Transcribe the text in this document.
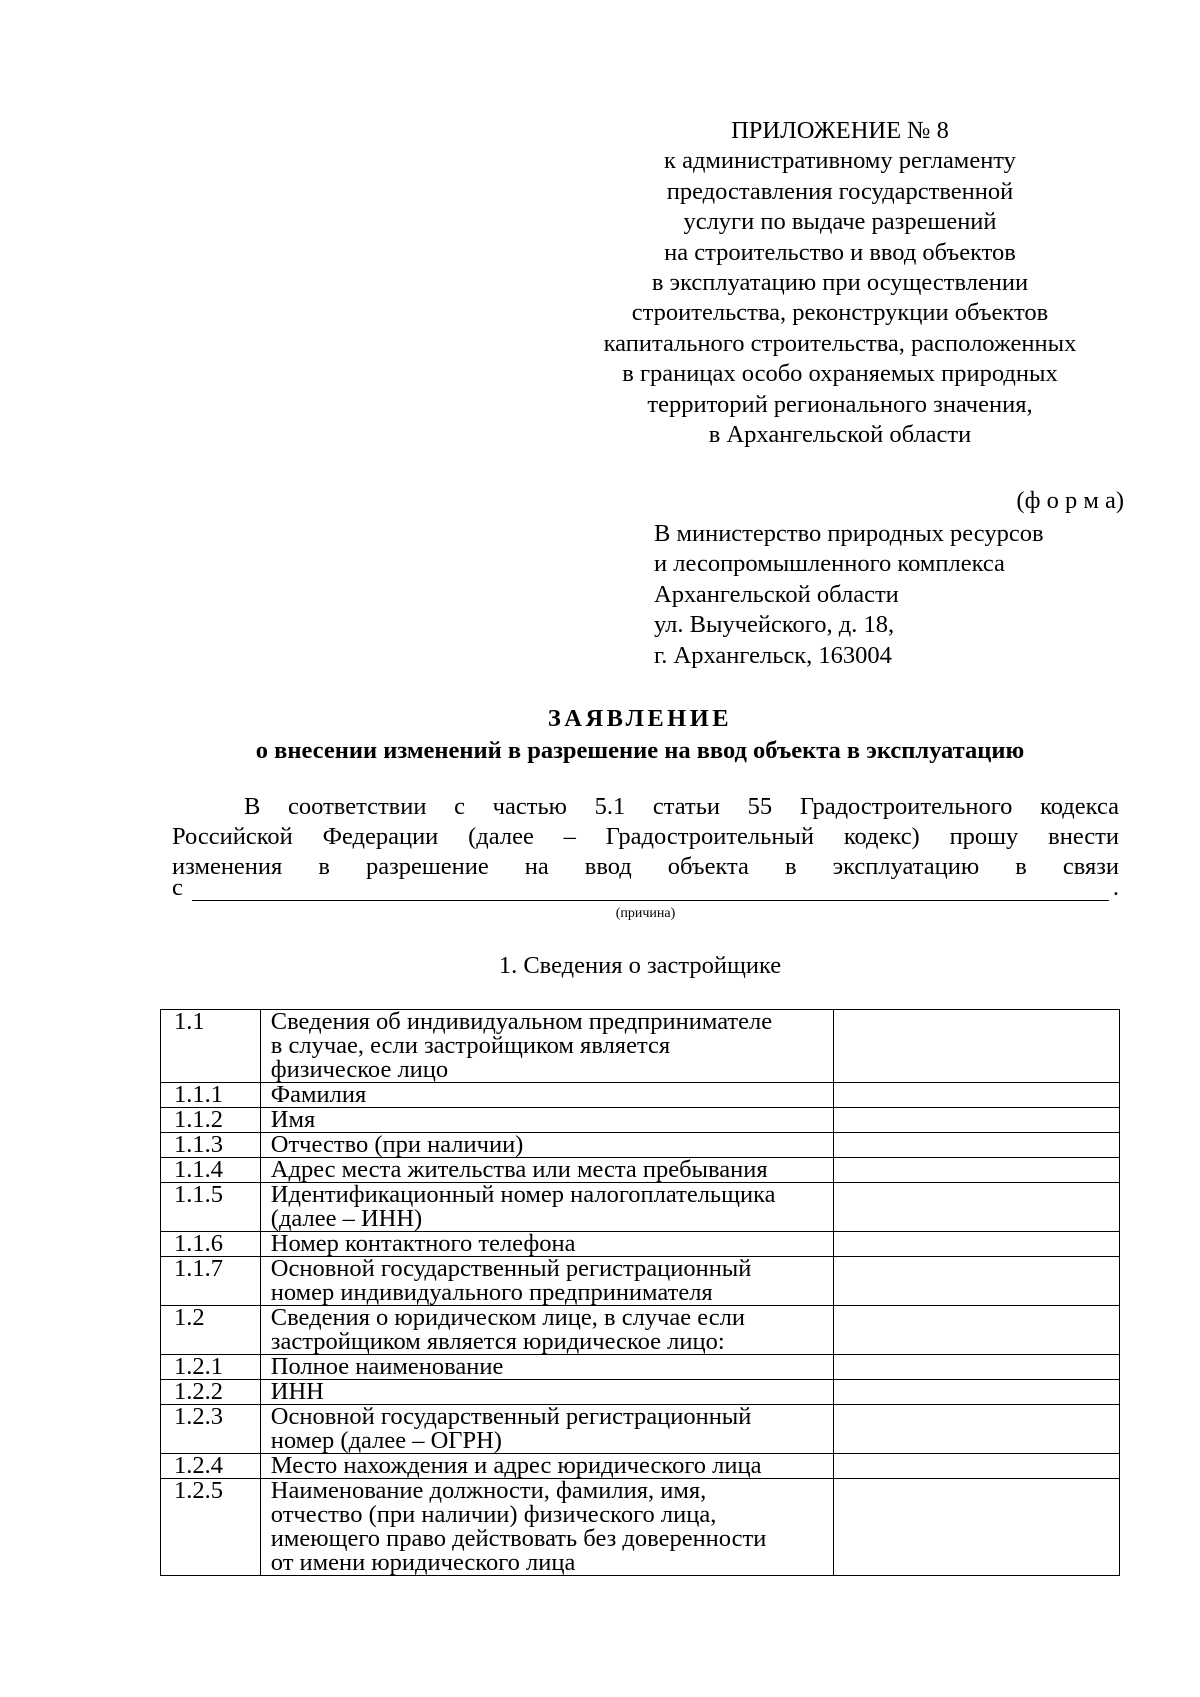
ПРИЛОЖЕНИЕ № 8
к административному регламенту
предоставления государственной
услуги по выдаче разрешений
на строительство и ввод объектов
в эксплуатацию при осуществлении
строительства, реконструкции объектов
капитального строительства, расположенных
в границах особо охраняемых природных
территорий регионального значения,
в Архангельской области
(ф о р м а)
В министерство природных ресурсов
и лесопромышленного комплекса
Архангельской области
ул. Выучейского, д. 18,
г. Архангельск, 163004
ЗАЯВЛЕНИЕ
о внесении изменений в разрешение на ввод объекта в эксплуатацию
В соответствии с частью 5.1 статьи 55 Градостроительного кодекса
Российской Федерации (далее – Градостроительный кодекс) прошу внести
изменения в разрешение на ввод объекта в эксплуатацию в связи
с	.
(причина)
1. Сведения о застройщике
1.1	Сведения об индивидуальном предпринимателе
в случае, если застройщиком является
физическое лицо	

1.1.1	Фамилия	

1.1.2	Имя	

1.1.3	Отчество (при наличии)	

1.1.4	Адрес места жительства или места пребывания	

1.1.5	Идентификационный номер налогоплательщика
(далее – ИНН)	

1.1.6	Номер контактного телефона	

1.1.7	Основной государственный регистрационный
номер индивидуального предпринимателя	

1.2	Сведения о юридическом лице, в случае если
застройщиком является юридическое лицо:	

1.2.1	Полное наименование	

1.2.2	ИНН	

1.2.3	Основной государственный регистрационный
номер (далее – ОГРН)	

1.2.4	Место нахождения и адрес юридического лица	

1.2.5	Наименование должности, фамилия, имя,
отчество (при наличии) физического лица,
имеющего право действовать без доверенности
от имени юридического лица	
